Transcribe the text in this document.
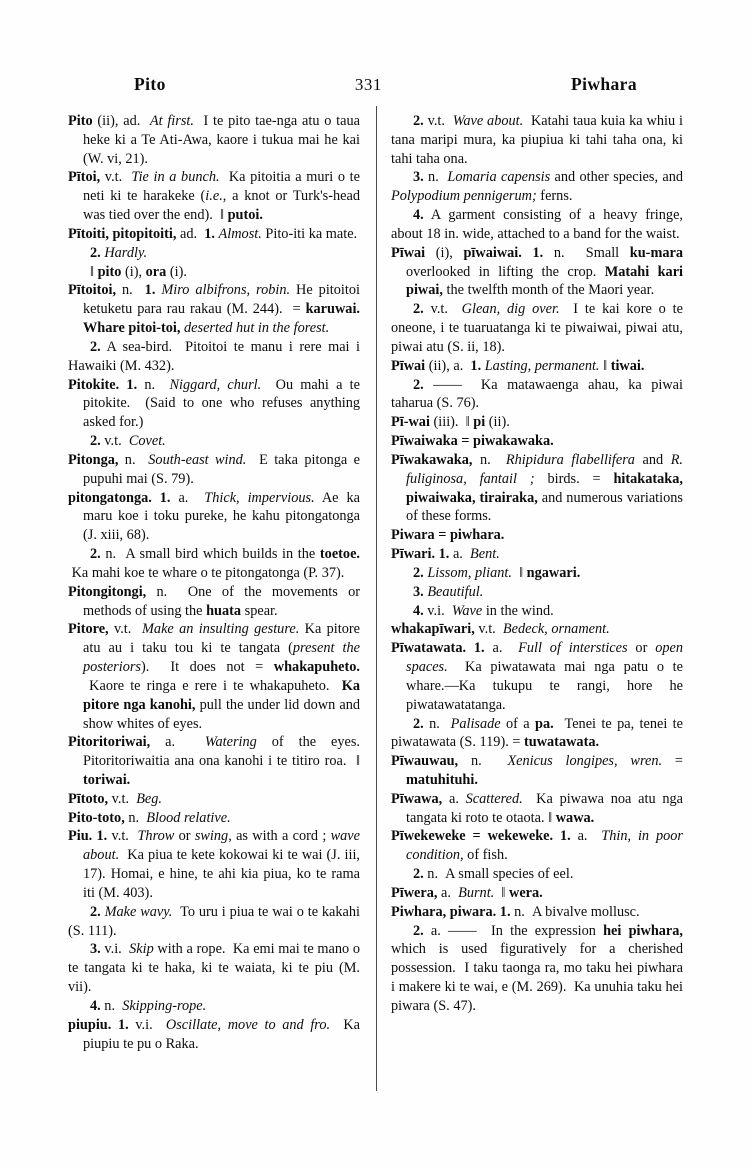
Pito	331	Piwhara

Pito (ii), ad.  At first.  I te pito tae-nga atu o taua heke ki a Te Ati-Awa, kaore i tukua mai he kai (W. vi, 21).

Pītoi, v.t.  Tie in a bunch.  Ka pitoitia a muri o te neti ki te harakeke (i.e., a knot or Turk's-head was tied over the end).  ‖ putoi.

Pītoiti, pitopitoiti, ad.  1. Almost. Pito-iti ka mate.

2. Hardly.

‖ pito (i), ora (i).

Pītoitoi, n.  1. Miro albifrons, robin. He pitoitoi ketuketu para rau rakau (M. 244).  = karuwai. Whare pitoi-toi, deserted hut in the forest.

2. A sea-bird.  Pitoitoi te manu i rere mai i Hawaiki (M. 432).

Pitokite. 1. n.  Niggard, churl.  Ou mahi a te pitokite.  (Said to one who refuses anything asked for.)

2. v.t.  Covet.

Pitonga, n.  South-east wind.  E taka pitonga e pupuhi mai (S. 79).

pitongatonga. 1. a.  Thick, impervious. Ae ka maru koe i toku pureke, he kahu pitongatonga (J. xiii, 68).

2. n.  A small bird which builds in the toetoe.  Ka mahi koe te whare o te pitongatonga (P. 37).

Pitongitongi, n.  One of the movements or methods of using the huata spear.

Pitore, v.t.  Make an insulting gesture. Ka pitore atu au i taku tou ki te tangata (present the posteriors).  It does not = whakapuheto.  Kaore te ringa e rere i te whakapuheto.  Ka pitore nga kanohi, pull the under lid down and show whites of eyes.

Pitoritoriwai, a.  Watering of the eyes. Pitoritoriwaitia ana ona kanohi i te titiro roa.  ‖ toriwai.

Pītoto, v.t.  Beg.

Pito-toto, n.  Blood relative.

Piu. 1. v.t.  Throw or swing, as with a cord ; wave about.  Ka piua te kete kokowai ki te wai (J. iii, 17). Homai, e hine, te ahi kia piua, ko te rama iti (M. 403).

2. Make wavy.  To uru i piua te wai o te kakahi (S. 111).

3. v.i.  Skip with a rope.  Ka emi mai te mano o te tangata ki te haka, ki te waiata, ki te piu (M. vii).

4. n.  Skipping-rope.

piupiu. 1. v.i.  Oscillate, move to and fro.  Ka piupiu te pu o Raka.

2. v.t.  Wave about.  Katahi taua kuia ka whiu i tana maripi mura, ka piupiua ki tahi taha ona, ki tahi taha ona.

3. n.  Lomaria capensis and other species, and Polypodium pennigerum; ferns.

4. A garment consisting of a heavy fringe, about 18 in. wide, attached to a band for the waist.

Pīwai (i), pīwaiwai. 1. n.  Small ku-mara overlooked in lifting the crop. Matahi kari piwai, the twelfth month of the Maori year.

2. v.t.  Glean, dig over.  I te kai kore o te oneone, i te tuaruatanga ki te piwaiwai, piwai atu, piwai atu (S. ii, 18).

Pīwai (ii), a.  1. Lasting, permanent. ‖ tiwai.

2. ——  Ka matawaenga ahau, ka piwai taharua (S. 76).

Pī-wai (iii).  ‖ pi (ii).

Pīwaiwaka = piwakawaka.

Pīwakawaka, n.  Rhipidura flabellifera and R. fuliginosa, fantail ; birds. = hitakataka, piwaiwaka, tirairaka, and numerous variations of these forms.

Piwara = piwhara.

Pīwari. 1. a.  Bent.

2. Lissom, pliant.  ‖ ngawari.

3. Beautiful.

4. v.i.  Wave in the wind.

whakapīwari, v.t.  Bedeck, ornament.

Pīwatawata. 1. a.  Full of interstices or open spaces.  Ka piwatawata mai nga patu o te whare.—Ka tukupu te rangi, hore he piwatawatatanga.

2. n.  Palisade of a pa.  Tenei te pa, tenei te piwatawata (S. 119). = tuwatawata.

Pīwauwau, n.  Xenicus longipes, wren. = matuhituhi.

Pīwawa, a. Scattered.  Ka piwawa noa atu nga tangata ki roto te otaota. ‖ wawa.

Pīwekeweke = wekeweke. 1. a.  Thin, in poor condition, of fish.

2. n.  A small species of eel.

Pīwera, a.  Burnt.  ‖ wera.

Piwhara, piwara. 1. n.  A bivalve mollusc.

2. a. ——  In the expression hei piwhara, which is used figuratively for a cherished possession.  I taku taonga ra, mo taku hei piwhara i makere ki te wai, e (M. 269).  Ka unuhia taku hei piwara (S. 47).
